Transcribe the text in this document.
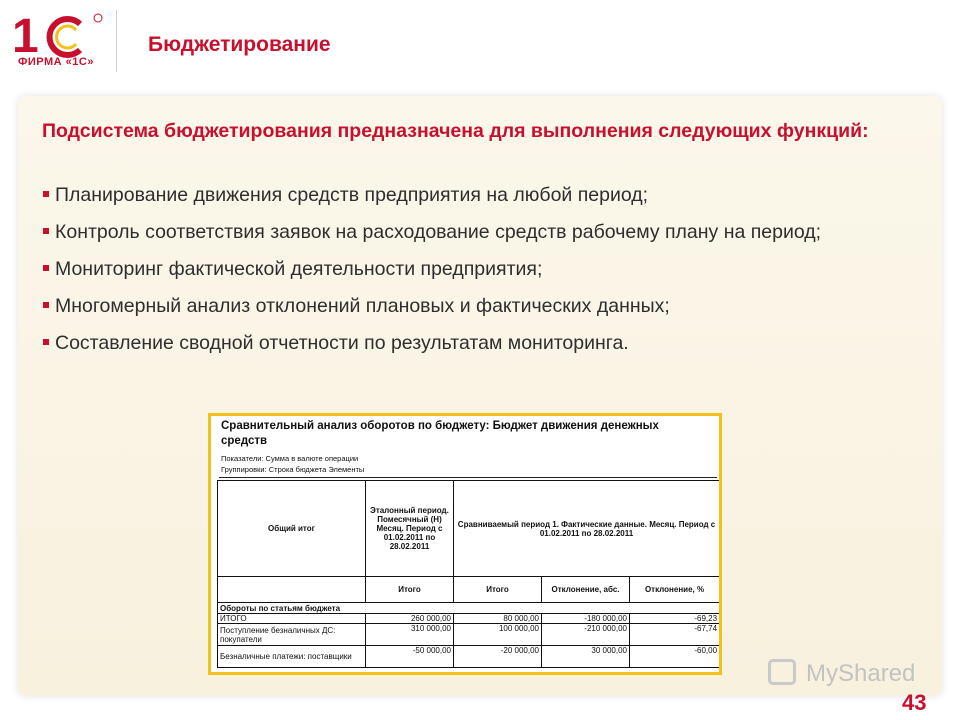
1
ФИРМА «1С»
Бюджетирование
Подсистема бюджетирования предназначена для выполнения следующих функций:
Планирование движения средств предприятия на любой период;
Контроль соответствия заявок на расходование средств рабочему плану на период;
Мониторинг фактической деятельности предприятия;
Многомерный анализ отклонений плановых и фактических данных;
Составление сводной отчетности по результатам мониторинга.
Сравнительный анализ оборотов по бюджету: Бюджет движения денежных средств
Показатели: Сумма в валюте операции
Группировки: Строка бюджета Элементы
Общий итог	Эталонный период. Помесячный (Н) Месяц. Период с 01.02.2011 по 28.02.2011	Сравниваемый период 1. Фактические данные. Месяц. Период с 01.02.2011 по 28.02.2011		
	Итого	Итого	Отклонение, абс.	Отклонение, %
Обороты по статьям бюджета				
ИТОГО	260 000,00	80 000,00	-180 000,00	-69,23
Поступление безналичных ДС: покупатели	310 000,00	100 000,00	-210 000,00	-67,74
Безналичные платежи: поставщики	-50 000,00	-20 000,00	30 000,00	-60,00
MyShared
43
